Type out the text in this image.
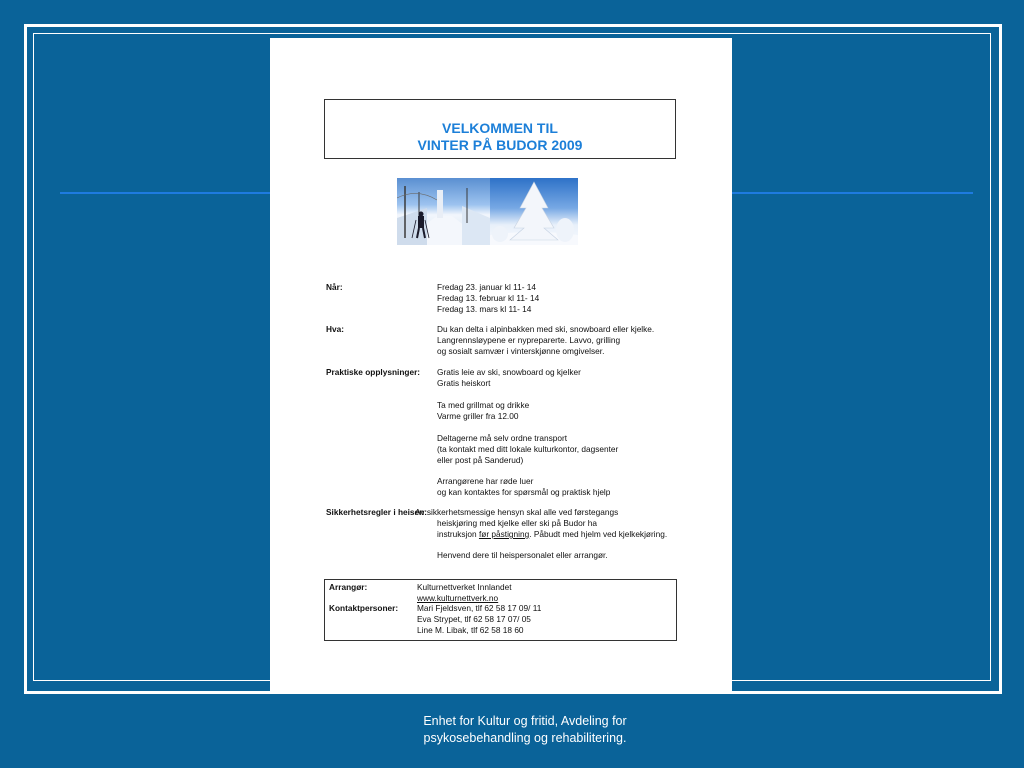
VELKOMMEN TIL
VINTER PÅ BUDOR 2009
Når:	Fredag 23. januar kl 11- 14
Fredag 13. februar kl 11- 14
Fredag 13. mars kl 11- 14
Hva:	Du kan delta i alpinbakken med ski, snowboard eller kjelke.
Langrennsløypene er nypreparerte. Lavvo, grilling
og sosialt samvær i vinterskjønne omgivelser.
Praktiske opplysninger: Gratis leie av ski, snowboard og kjelker
Gratis heiskort
Ta med grillmat og drikke
Varme griller fra 12.00
Deltagerne må selv ordne transport
(ta kontakt med ditt lokale kulturkontor, dagsenter
eller post på Sanderud)
Arrangørene har røde luer
og kan kontaktes for spørsmål og praktisk hjelp
Sikkerhetsregler i heisen:
Av sikkerhetsmessige hensyn skal alle ved førstegangs
heiskjøring med kjelke eller ski på Budor ha
instruksjon før påstigning. Påbudt med hjelm ved kjelkekjøring.
Henvend dere til heispersonalet eller arrangør.
Arrangør:	Kulturnettverket Innlandet
www.kulturnettverk.no
Kontaktpersoner: Mari Fjeldsven, tlf 62 58 17 09/ 11
Eva Strypet, tlf 62 58 17 07/ 05
Line M. Libak, tlf 62 58 18 60
Enhet for Kultur og fritid, Avdeling for
psykosebehandling og rehabilitering.
